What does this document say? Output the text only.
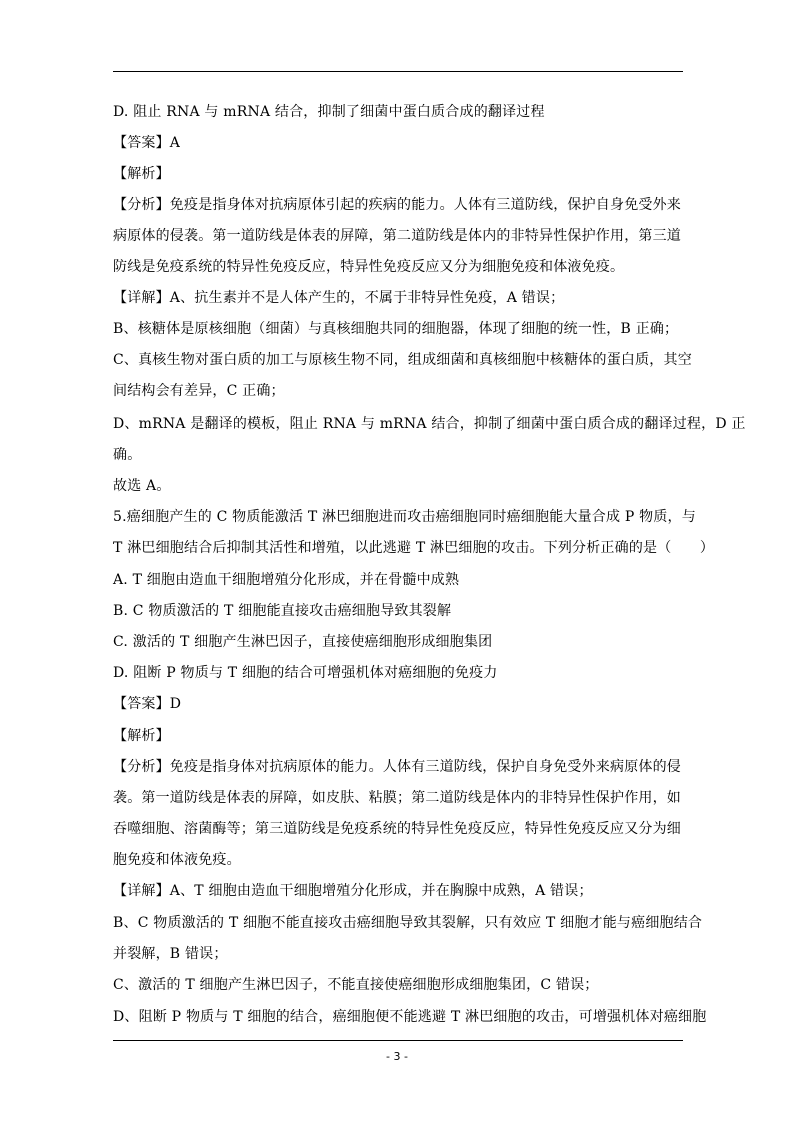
D. 阻止 RNA 与 mRNA 结合，抑制了细菌中蛋白质合成的翻译过程
【答案】A
【解析】
【分析】免疫是指身体对抗病原体引起的疾病的能力。人体有三道防线，保护自身免受外来
病原体的侵袭。第一道防线是体表的屏障，第二道防线是体内的非特异性保护作用，第三道
防线是免疫系统的特异性免疫反应，特异性免疫反应又分为细胞免疫和体液免疫。
【详解】A、抗生素并不是人体产生的，不属于非特异性免疫，A 错误；
B、核糖体是原核细胞（细菌）与真核细胞共同的细胞器，体现了细胞的统一性，B 正确；
C、真核生物对蛋白质的加工与原核生物不同，组成细菌和真核细胞中核糖体的蛋白质，其空
间结构会有差异，C 正确；
D、mRNA 是翻译的模板，阻止 RNA 与 mRNA 结合，抑制了细菌中蛋白质合成的翻译过程，D 正
确。
故选 A。
5.癌细胞产生的 C 物质能激活 T 淋巴细胞进而攻击癌细胞同时癌细胞能大量合成 P 物质，与
T 淋巴细胞结合后抑制其活性和增殖，以此逃避 T 淋巴细胞的攻击。下列分析正确的是（　　）
A. T 细胞由造血干细胞增殖分化形成，并在骨髓中成熟
B. C 物质激活的 T 细胞能直接攻击癌细胞导致其裂解
C. 激活的 T 细胞产生淋巴因子，直接使癌细胞形成细胞集团
D. 阻断 P 物质与 T 细胞的结合可增强机体对癌细胞的免疫力
【答案】D
【解析】
【分析】免疫是指身体对抗病原体的能力。人体有三道防线，保护自身免受外来病原体的侵
袭。第一道防线是体表的屏障，如皮肤、粘膜；第二道防线是体内的非特异性保护作用，如
吞噬细胞、溶菌酶等；第三道防线是免疫系统的特异性免疫反应，特异性免疫反应又分为细
胞免疫和体液免疫。
【详解】A、T 细胞由造血干细胞增殖分化形成，并在胸腺中成熟，A 错误；
B、C 物质激活的 T 细胞不能直接攻击癌细胞导致其裂解，只有效应 T 细胞才能与癌细胞结合
并裂解，B 错误；
C、激活的 T 细胞产生淋巴因子，不能直接使癌细胞形成细胞集团，C 错误；
D、阻断 P 物质与 T 细胞的结合，癌细胞便不能逃避 T 淋巴细胞的攻击，可增强机体对癌细胞
- 3 -
